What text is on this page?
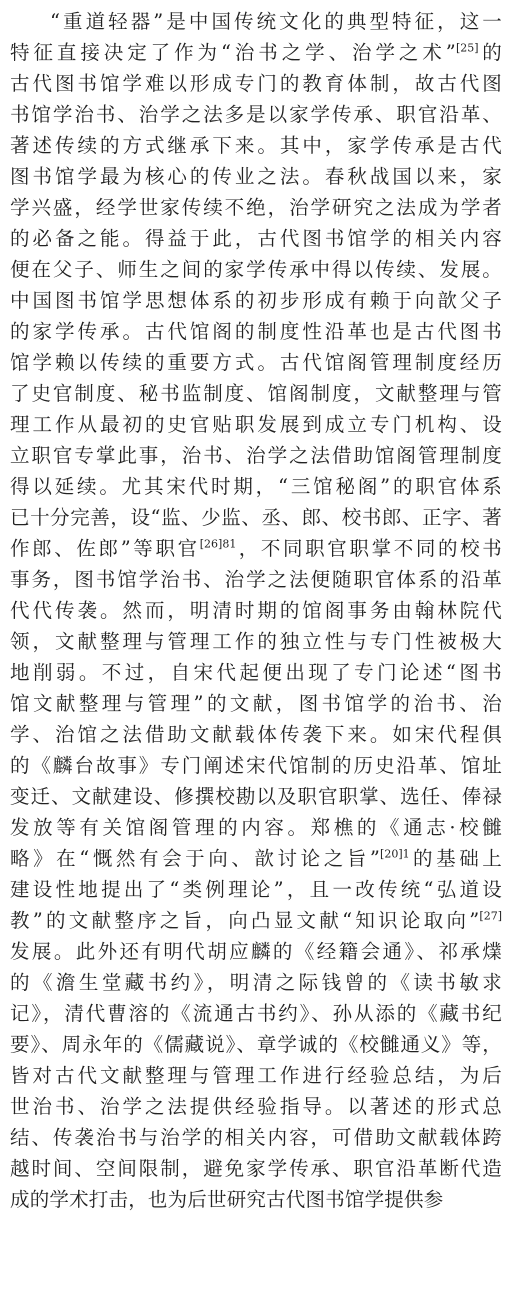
“重道轻器”是中国传统文化的典型特征，这一
特征直接决定了作为“治书之学、治学之术”[25]的
古代图书馆学难以形成专门的教育体制，故古代图
书馆学治书、治学之法多是以家学传承、职官沿革、
著述传续的方式继承下来。其中，家学传承是古代
图书馆学最为核心的传业之法。春秋战国以来，家
学兴盛，经学世家传续不绝，治学研究之法成为学者
的必备之能。得益于此，古代图书馆学的相关内容
便在父子、师生之间的家学传承中得以传续、发展。
中国图书馆学思想体系的初步形成有赖于向歆父子
的家学传承。古代馆阁的制度性沿革也是古代图书
馆学赖以传续的重要方式。古代馆阁管理制度经历
了史官制度、秘书监制度、馆阁制度，文献整理与管
理工作从最初的史官贴职发展到成立专门机构、设
立职官专掌此事，治书、治学之法借助馆阁管理制度
得以延续。尤其宋代时期，“三馆秘阁”的职官体系
已十分完善，设“监、少监、丞、郎、校书郎、正字、著
作郎、佐郎”等职官$^{[26]81}$，不同职官职掌不同的校书
事务，图书馆学治书、治学之法便随职官体系的沿革
代代传袭。然而，明清时期的馆阁事务由翰林院代
领，文献整理与管理工作的独立性与专门性被极大
地削弱。不过，自宋代起便出现了专门论述“图书
馆文献整理与管理”的文献，图书馆学的治书、治
学、治馆之法借助文献载体传袭下来。如宋代程俱
的《麟台故事》专门阐述宋代馆制的历史沿革、馆址
变迁、文献建设、修撰校勘以及职官职掌、选任、俸禄
发放等有关馆阁管理的内容。郑樵的《通志·校雠
略》在“慨然有会于向、歆讨论之旨”$^{[20]1}$的基础上
建设性地提出了“类例理论”，且一改传统“弘道设
教”的文献整序之旨，向凸显文献“知识论取向”[27]
发展。此外还有明代胡应麟的《经籍会通》、祁承㸁
的《澹生堂藏书约》，明清之际钱曾的《读书敏求
记》，清代曹溶的《流通古书约》、孙从添的《藏书纪
要》、周永年的《儒藏说》、章学诚的《校雠通义》等，
皆对古代文献整理与管理工作进行经验总结，为后
世治书、治学之法提供经验指导。以著述的形式总
结、传袭治书与治学的相关内容，可借助文献载体跨
越时间、空间限制，避免家学传承、职官沿革断代造
成的学术打击，也为后世研究古代图书馆学提供参
